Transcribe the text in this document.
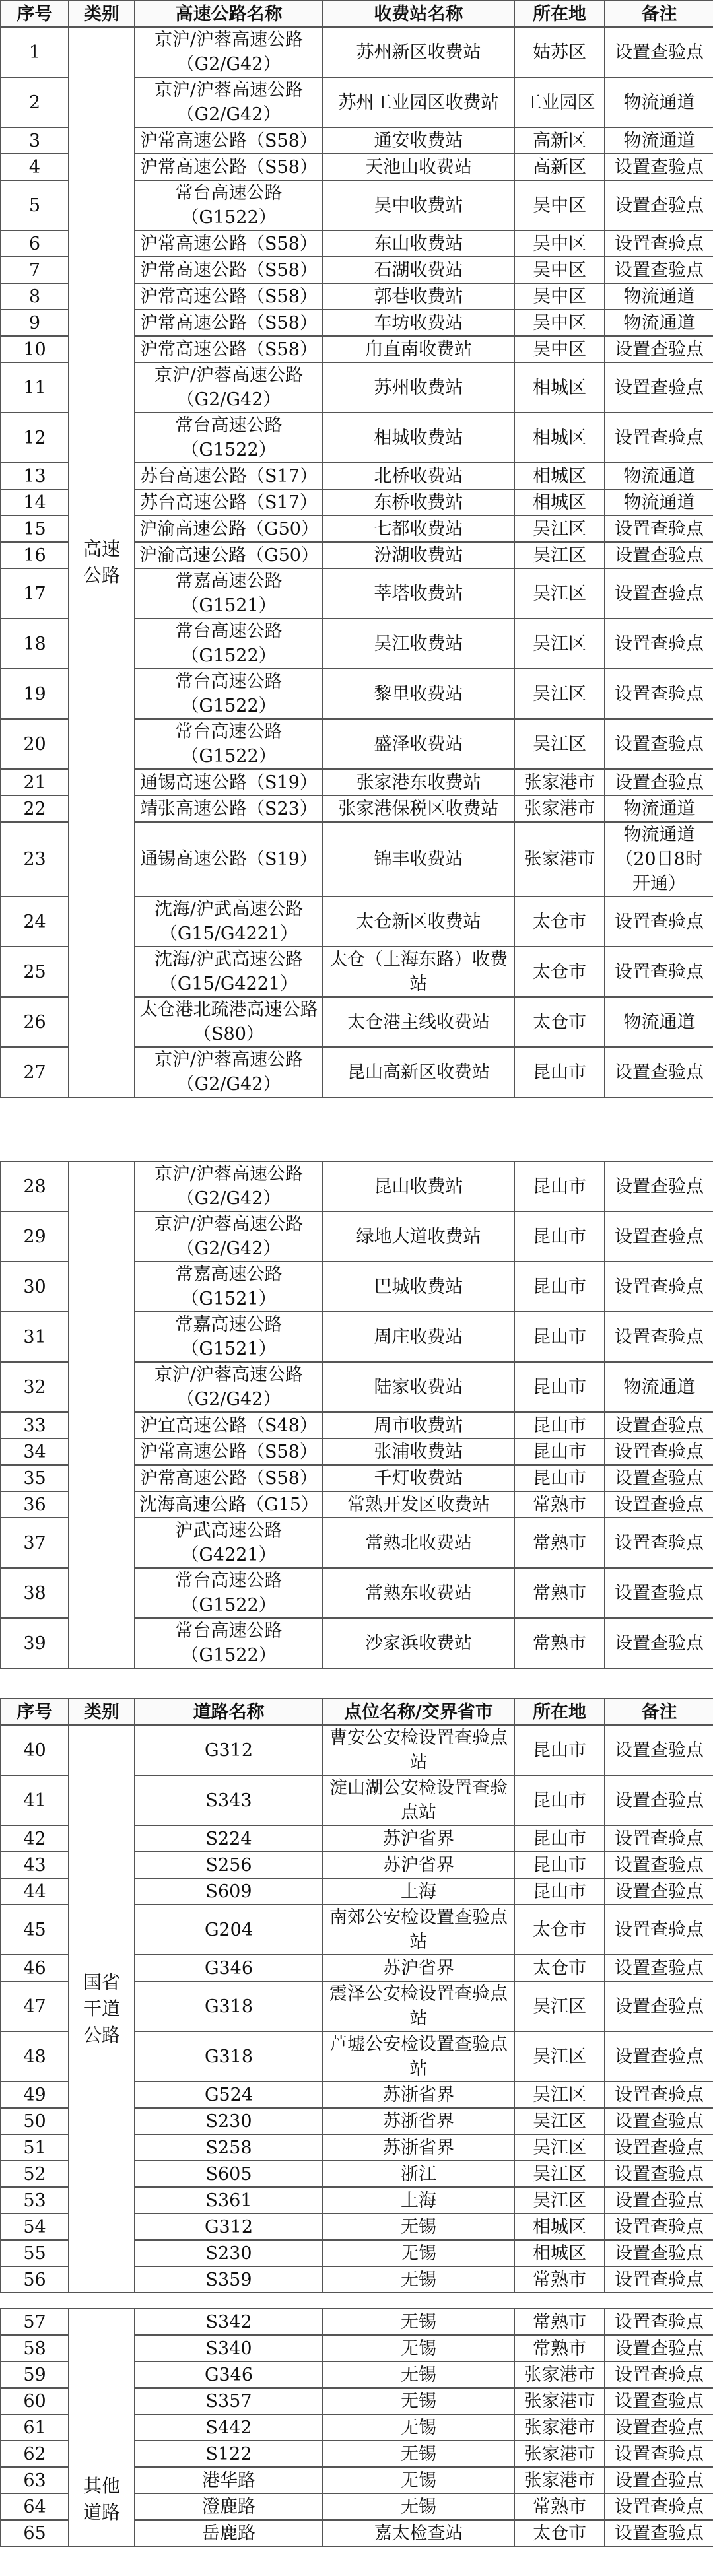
序号	类别	高速公路名称	收费站名称	所在地	备注
1	高速公路	京沪/沪蓉高速公路（G2/G42）	苏州新区收费站	姑苏区	设置查验点
2		京沪/沪蓉高速公路（G2/G42）	苏州工业园区收费站	工业园区	物流通道
3		沪常高速公路（S58）	通安收费站	高新区	物流通道
4		沪常高速公路（S58）	天池山收费站	高新区	设置查验点
5		常台高速公路（G1522）	吴中收费站	吴中区	设置查验点
6		沪常高速公路（S58）	东山收费站	吴中区	设置查验点
7		沪常高速公路（S58）	石湖收费站	吴中区	设置查验点
8		沪常高速公路（S58）	郭巷收费站	吴中区	物流通道
9		沪常高速公路（S58）	车坊收费站	吴中区	物流通道
10		沪常高速公路（S58）	甪直南收费站	吴中区	设置查验点
11		京沪/沪蓉高速公路（G2/G42）	苏州收费站	相城区	设置查验点
12		常台高速公路（G1522）	相城收费站	相城区	设置查验点
13		苏台高速公路（S17）	北桥收费站	相城区	物流通道
14		苏台高速公路（S17）	东桥收费站	相城区	物流通道
15		沪渝高速公路（G50）	七都收费站	吴江区	设置查验点
16		沪渝高速公路（G50）	汾湖收费站	吴江区	设置查验点
17		常嘉高速公路（G1521）	莘塔收费站	吴江区	设置查验点
18		常台高速公路（G1522）	吴江收费站	吴江区	设置查验点
19		常台高速公路（G1522）	黎里收费站	吴江区	设置查验点
20		常台高速公路（G1522）	盛泽收费站	吴江区	设置查验点
21		通锡高速公路（S19）	张家港东收费站	张家港市	设置查验点
22		靖张高速公路（S23）	张家港保税区收费站	张家港市	物流通道
23		通锡高速公路（S19）	锦丰收费站	张家港市	物流通道（20日8时开通）
24		沈海/沪武高速公路（G15/G4221）	太仓新区收费站	太仓市	设置查验点
25		沈海/沪武高速公路（G15/G4221）	太仓（上海东路）收费站	太仓市	设置查验点
26		太仓港北疏港高速公路（S80）	太仓港主线收费站	太仓市	物流通道
27		京沪/沪蓉高速公路（G2/G42）	昆山高新区收费站	昆山市	设置查验点
28		京沪/沪蓉高速公路（G2/G42）	昆山收费站	昆山市	设置查验点
29		京沪/沪蓉高速公路（G2/G42）	绿地大道收费站	昆山市	设置查验点
30		常嘉高速公路（G1521）	巴城收费站	昆山市	设置查验点
31		常嘉高速公路（G1521）	周庄收费站	昆山市	设置查验点
32		京沪/沪蓉高速公路（G2/G42）	陆家收费站	昆山市	物流通道
33		沪宜高速公路（S48）	周市收费站	昆山市	设置查验点
34		沪常高速公路（S58）	张浦收费站	昆山市	设置查验点
35		沪常高速公路（S58）	千灯收费站	昆山市	设置查验点
36		沈海高速公路（G15）	常熟开发区收费站	常熟市	设置查验点
37		沪武高速公路（G4221）	常熟北收费站	常熟市	设置查验点
38		常台高速公路（G1522）	常熟东收费站	常熟市	设置查验点
39		常台高速公路（G1522）	沙家浜收费站	常熟市	设置查验点
序号	类别	道路名称	点位名称/交界省市	所在地	备注
40	国省干道公路	G312	曹安公安检设置查验点站	昆山市	设置查验点
41		S343	淀山湖公安检设置查验点站	昆山市	设置查验点
42		S224	苏沪省界	昆山市	设置查验点
43		S256	苏沪省界	昆山市	设置查验点
44		S609	上海	昆山市	设置查验点
45		G204	南郊公安检设置查验点站	太仓市	设置查验点
46		G346	苏沪省界	太仓市	设置查验点
47		G318	震泽公安检设置查验点站	吴江区	设置查验点
48		G318	芦墟公安检设置查验点站	吴江区	设置查验点
49		G524	苏浙省界	吴江区	设置查验点
50		S230	苏浙省界	吴江区	设置查验点
51		S258	苏浙省界	吴江区	设置查验点
52		S605	浙江	吴江区	设置查验点
53		S361	上海	吴江区	设置查验点
54		G312	无锡	相城区	设置查验点
55		S230	无锡	相城区	设置查验点
56		S359	无锡	常熟市	设置查验点
57	其他道路	S342	无锡	常熟市	设置查验点
58		S340	无锡	常熟市	设置查验点
59		G346	无锡	张家港市	设置查验点
60		S357	无锡	张家港市	设置查验点
61		S442	无锡	张家港市	设置查验点
62		S122	无锡	张家港市	设置查验点
63		港华路	无锡	张家港市	设置查验点
64		澄鹿路	无锡	常熟市	设置查验点
65		岳鹿路	嘉太检查站	太仓市	设置查验点
